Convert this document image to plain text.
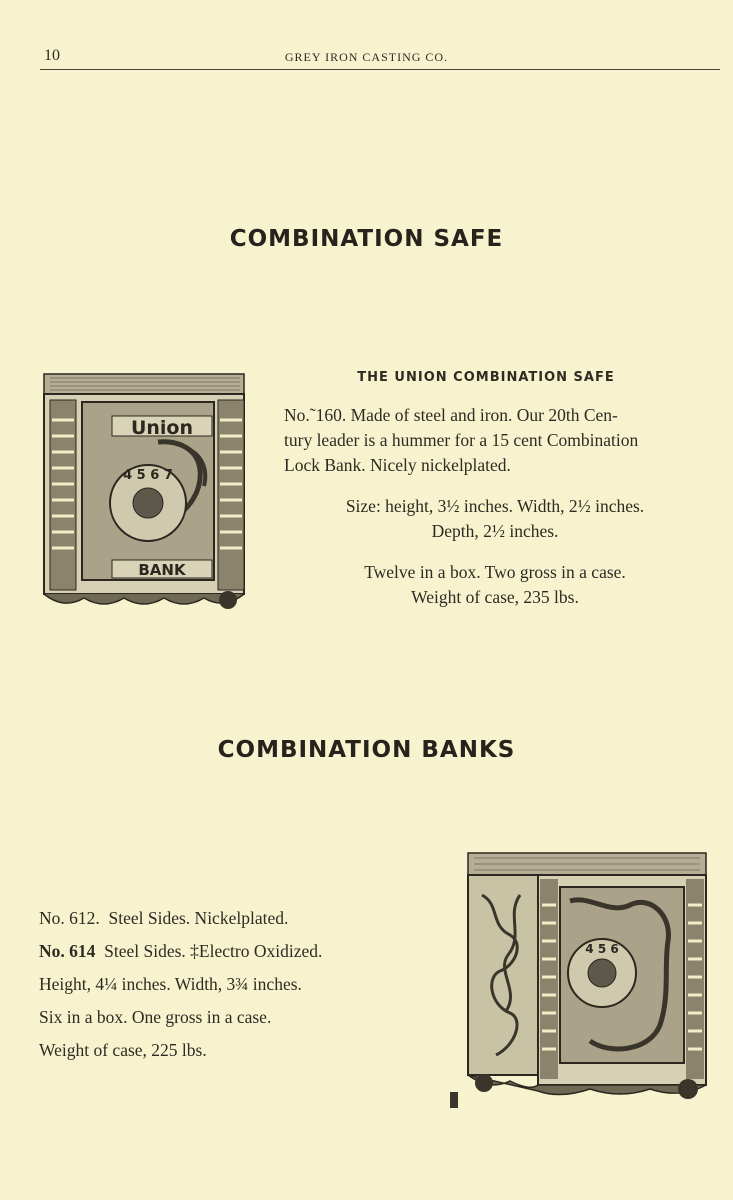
10	GREY IRON CASTING CO.
COMBINATION SAFE
Union
4 5 6 7
BANK
THE UNION COMBINATION SAFE
No.˜160. Made of steel and iron. Our 20th Cen-
tury leader is a hummer for a 15 cent Combination
Lock Bank. Nicely nickelplated.
Size: height, 3½ inches. Width, 2½ inches.
Depth, 2½ inches.
Twelve in a box. Two gross in a case.
Weight of case, 235 lbs.
COMBINATION BANKS
No. 612. Steel Sides. Nickelplated.
No. 614 Steel Sides. ‡Electro Oxidized.
Height, 4¼ inches. Width, 3¾ inches.
Six in a box. One gross in a case.
Weight of case, 225 lbs.
4 5 6
